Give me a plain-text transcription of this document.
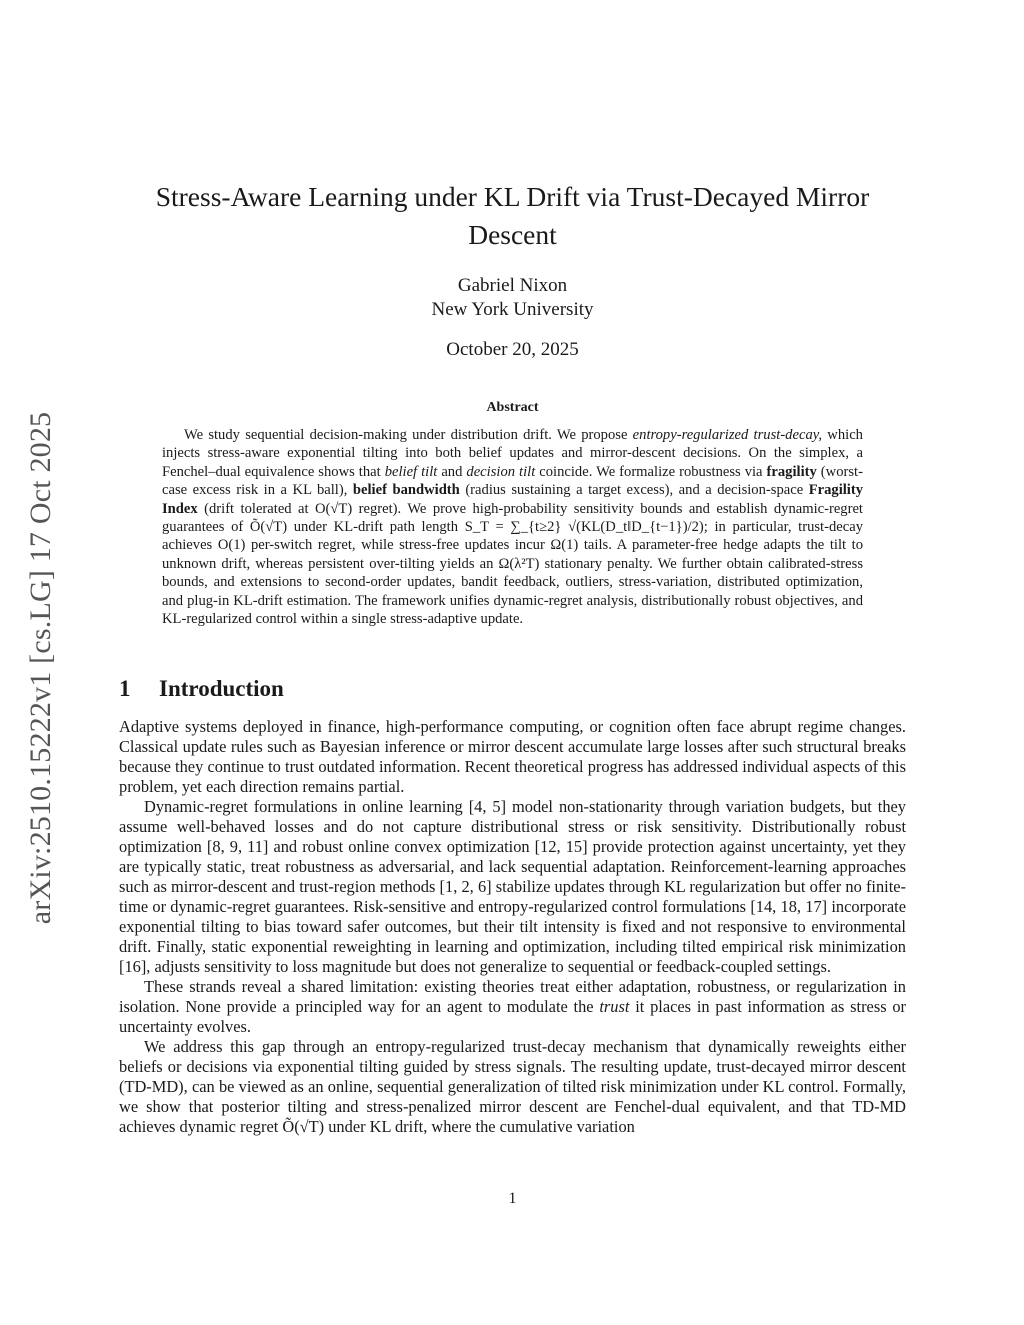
arXiv:2510.15222v1 [cs.LG] 17 Oct 2025
Stress-Aware Learning under KL Drift via Trust-Decayed Mirror Descent
Gabriel Nixon
New York University
October 20, 2025
Abstract

We study sequential decision-making under distribution drift. We propose entropy-regularized trust-decay, which injects stress-aware exponential tilting into both belief updates and mirror-descent decisions. On the simplex, a Fenchel–dual equivalence shows that belief tilt and decision tilt coincide. We formalize robustness via fragility (worst-case excess risk in a KL ball), belief bandwidth (radius sustaining a target excess), and a decision-space Fragility Index (drift tolerated at O(√T) regret). We prove high-probability sensitivity bounds and establish dynamic-regret guarantees of Õ(√T) under KL-drift path length S_T = ∑_{t≥2} √(KL(D_t‖D_{t−1})/2); in particular, trust-decay achieves O(1) per-switch regret, while stress-free updates incur Ω(1) tails. A parameter-free hedge adapts the tilt to unknown drift, whereas persistent over-tilting yields an Ω(λ²T) stationary penalty. We further obtain calibrated-stress bounds, and extensions to second-order updates, bandit feedback, outliers, stress-variation, distributed optimization, and plug-in KL-drift estimation. The framework unifies dynamic-regret analysis, distributionally robust objectives, and KL-regularized control within a single stress-adaptive update.

1 Introduction

Adaptive systems deployed in finance, high-performance computing, or cognition often face abrupt regime changes. Classical update rules such as Bayesian inference or mirror descent accumulate large losses after such structural breaks because they continue to trust outdated information. Recent theoretical progress has addressed individual aspects of this problem, yet each direction remains partial.

Dynamic-regret formulations in online learning [4, 5] model non-stationarity through variation budgets, but they assume well-behaved losses and do not capture distributional stress or risk sensitivity. Distributionally robust optimization [8, 9, 11] and robust online convex optimization [12, 15] provide protection against uncertainty, yet they are typically static, treat robustness as adversarial, and lack sequential adaptation. Reinforcement-learning approaches such as mirror-descent and trust-region methods [1, 2, 6] stabilize updates through KL regularization but offer no finite-time or dynamic-regret guarantees. Risk-sensitive and entropy-regularized control formulations [14, 18, 17] incorporate exponential tilting to bias toward safer outcomes, but their tilt intensity is fixed and not responsive to environmental drift. Finally, static exponential reweighting in learning and optimization, including tilted empirical risk minimization [16], adjusts sensitivity to loss magnitude but does not generalize to sequential or feedback-coupled settings.

These strands reveal a shared limitation: existing theories treat either adaptation, robustness, or regularization in isolation. None provide a principled way for an agent to modulate the trust it places in past information as stress or uncertainty evolves.

We address this gap through an entropy-regularized trust-decay mechanism that dynamically reweights either beliefs or decisions via exponential tilting guided by stress signals. The resulting update, trust-decayed mirror descent (TD-MD), can be viewed as an online, sequential generalization of tilted risk minimization under KL control. Formally, we show that posterior tilting and stress-penalized mirror descent are Fenchel-dual equivalent, and that TD-MD achieves dynamic regret Õ(√T) under KL drift, where the cumulative variation

1
